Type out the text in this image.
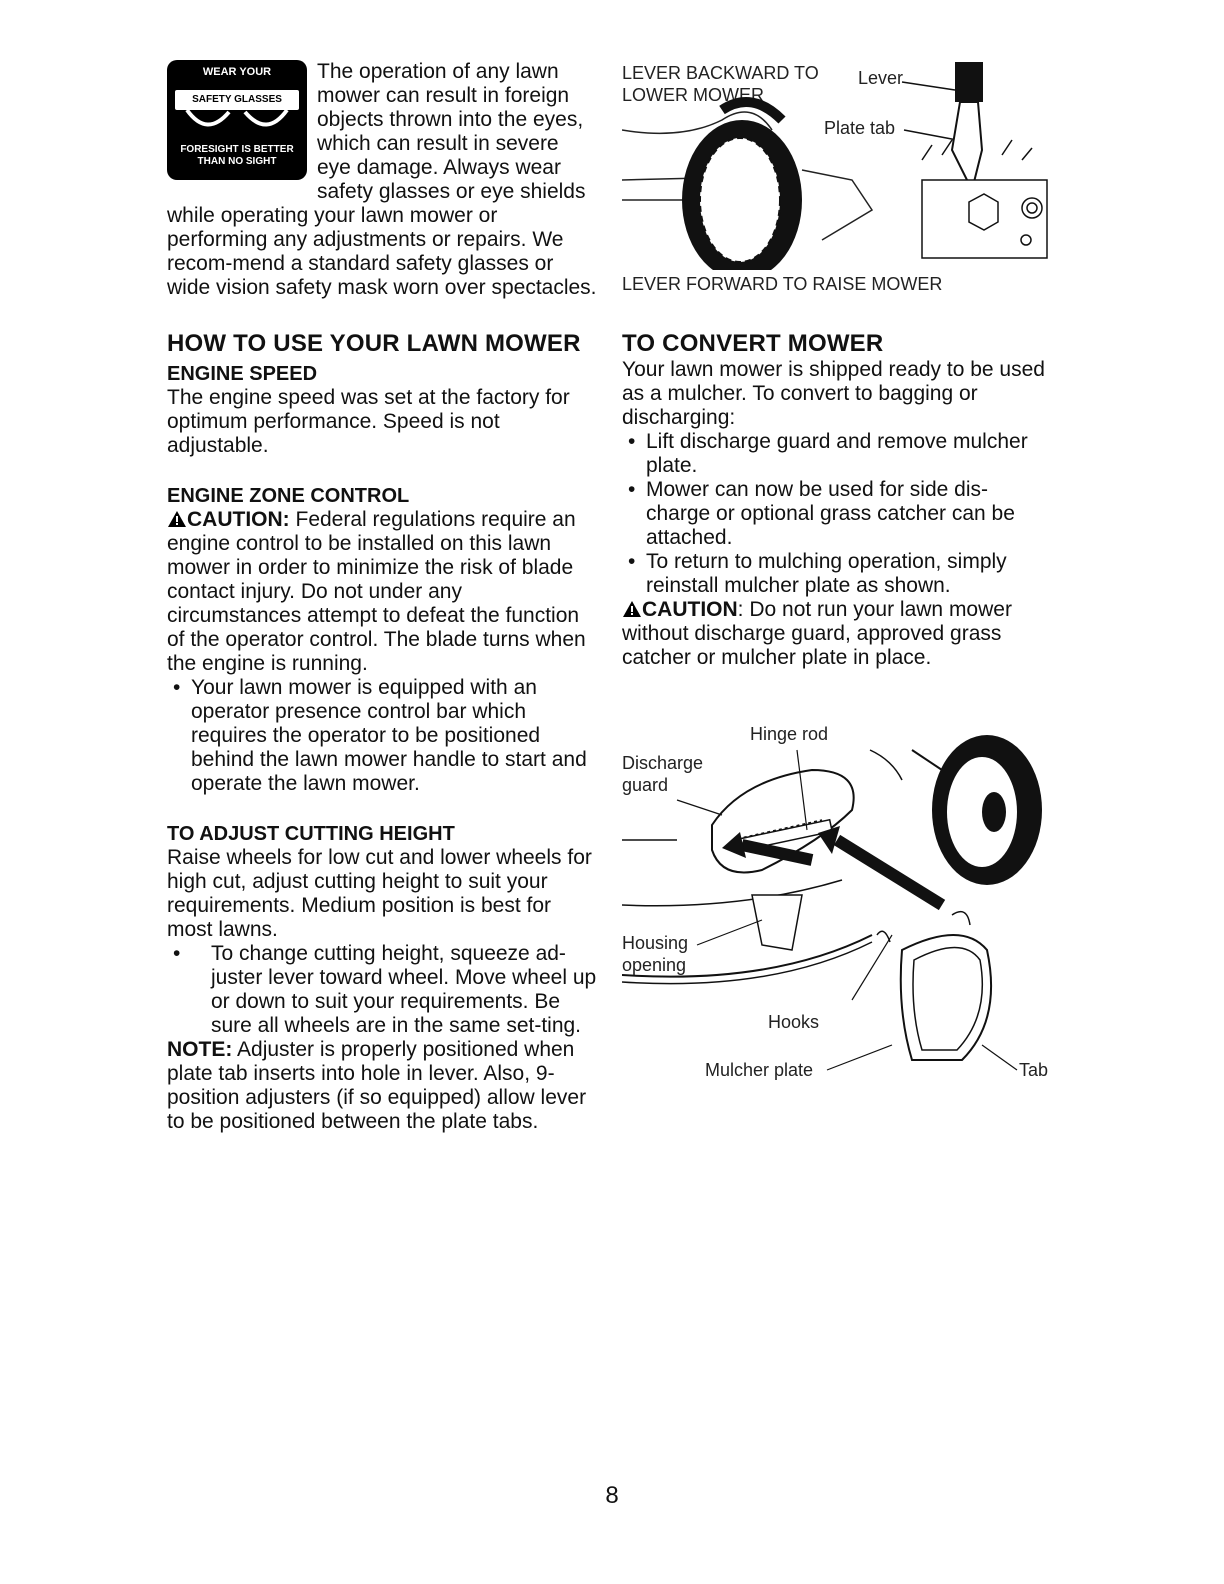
WEAR YOUR
SAFETY GLASSES
FORESIGHT IS BETTER
THAN NO SIGHT

The operation of any lawn mower can result in foreign objects thrown into the eyes, which can result in severe eye damage. Always wear safety glasses or eye shields while operating your lawn mower or performing any adjustments or repairs. We recom-mend a standard safety glasses or wide vision safety mask worn over spectacles.

HOW TO USE YOUR LAWN MOWER
ENGINE SPEED

The engine speed was set at the factory for optimum performance. Speed is not adjustable.

ENGINE ZONE CONTROL

CAUTION: Federal regulations require an engine control to be installed on this lawn mower in order to minimize the risk of blade contact injury. Do not under any circumstances attempt to defeat the function of the operator control. The blade turns when the engine is running.

• Your lawn mower is equipped with an operator presence control bar which requires the operator to be positioned behind the lawn mower handle to start and operate the lawn mower.
TO ADJUST CUTTING HEIGHT

Raise wheels for low cut and lower wheels for high cut, adjust cutting height to suit your requirements. Medium position is best for most lawns.

• To change cutting height, squeeze ad-juster lever toward wheel. Move wheel up or down to suit your requirements. Be sure all wheels are in the same set-ting.

NOTE: Adjuster is properly positioned when plate tab inserts into hole in lever. Also, 9-position adjusters (if so equipped) allow lever to be positioned between the plate tabs.

LEVER BACKWARD TO LOWER MOWER
Lever
Plate tab
LEVER FORWARD TO RAISE MOWER
TO CONVERT MOWER

Your lawn mower is shipped ready to be used as a mulcher. To convert to bagging or discharging:

• Lift discharge guard and remove mulcher plate.
• Mower can now be used for side dis-charge or optional grass catcher can be attached.
• To return to mulching operation, simply reinstall mulcher plate as shown.

CAUTION: Do not run your lawn mower without discharge guard, approved grass catcher or mulcher plate in place.

Hinge rod
Discharge guard
Housing opening
Hooks
Mulcher plate	Tab
8
